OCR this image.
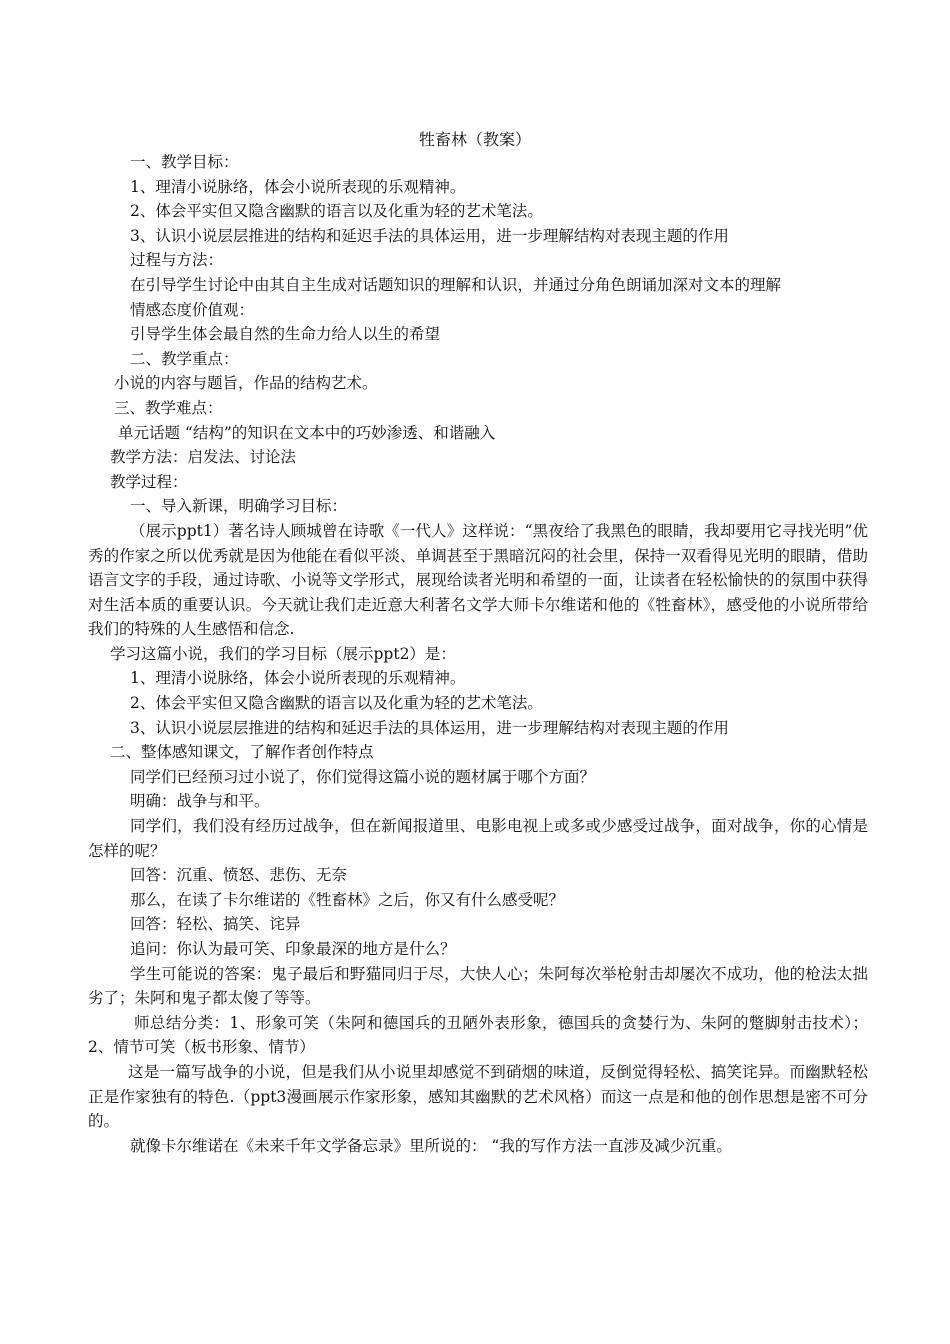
牲畜林（教案）

一、教学目标：

1、理清小说脉络，体会小说所表现的乐观精神。

2、体会平实但又隐含幽默的语言以及化重为轻的艺术笔法。

3、认识小说层层推进的结构和延迟手法的具体运用，进一步理解结构对表现主题的作用

过程与方法：

在引导学生讨论中由其自主生成对话题知识的理解和认识，并通过分角色朗诵加深对文本的理解

情感态度价值观：

引导学生体会最自然的生命力给人以生的希望

二、教学重点：

小说的内容与题旨，作品的结构艺术。

三、教学难点：

单元话题 “结构”的知识在文本中的巧妙渗透、和谐融入

教学方法：启发法、讨论法

教学过程：

一、导入新课，明确学习目标：

（展示ppt1）著名诗人顾城曾在诗歌《一代人》这样说：“黑夜给了我黑色的眼睛，我却要用它寻找光明”优秀的作家之所以优秀就是因为他能在看似平淡、单调甚至于黑暗沉闷的社会里，保持一双看得见光明的眼睛，借助语言文字的手段，通过诗歌、小说等文学形式，展现给读者光明和希望的一面，让读者在轻松愉快的的氛围中获得对生活本质的重要认识。今天就让我们走近意大利著名文学大师卡尔维诺和他的《牲畜林》，感受他的小说所带给我们的特殊的人生感悟和信念.

学习这篇小说，我们的学习目标（展示ppt2）是：

1、理清小说脉络，体会小说所表现的乐观精神。

2、体会平实但又隐含幽默的语言以及化重为轻的艺术笔法。

3、认识小说层层推进的结构和延迟手法的具体运用，进一步理解结构对表现主题的作用

二、整体感知课文，了解作者创作特点

同学们已经预习过小说了，你们觉得这篇小说的题材属于哪个方面？

明确：战争与和平。

同学们，我们没有经历过战争，但在新闻报道里、电影电视上或多或少感受过战争，面对战争，你的心情是怎样的呢？

回答：沉重、愤怒、悲伤、无奈

那么，在读了卡尔维诺的《牲畜林》之后，你又有什么感受呢？

回答：轻松、搞笑、诧异

追问：你认为最可笑、印象最深的地方是什么？

学生可能说的答案：鬼子最后和野猫同归于尽，大快人心；朱阿每次举枪射击却屡次不成功，他的枪法太拙劣了；朱阿和鬼子都太傻了等等。

师总结分类：1、形象可笑（朱阿和德国兵的丑陋外表形象，德国兵的贪婪行为、朱阿的蹩脚射击技术）；2、情节可笑（板书形象、情节）

这是一篇写战争的小说，但是我们从小说里却感觉不到硝烟的味道，反倒觉得轻松、搞笑诧异。而幽默轻松正是作家独有的特色.（ppt3漫画展示作家形象，感知其幽默的艺术风格）而这一点是和他的创作思想是密不可分的。

就像卡尔维诺在《未来千年文学备忘录》里所说的： “我的写作方法一直涉及减少沉重。
